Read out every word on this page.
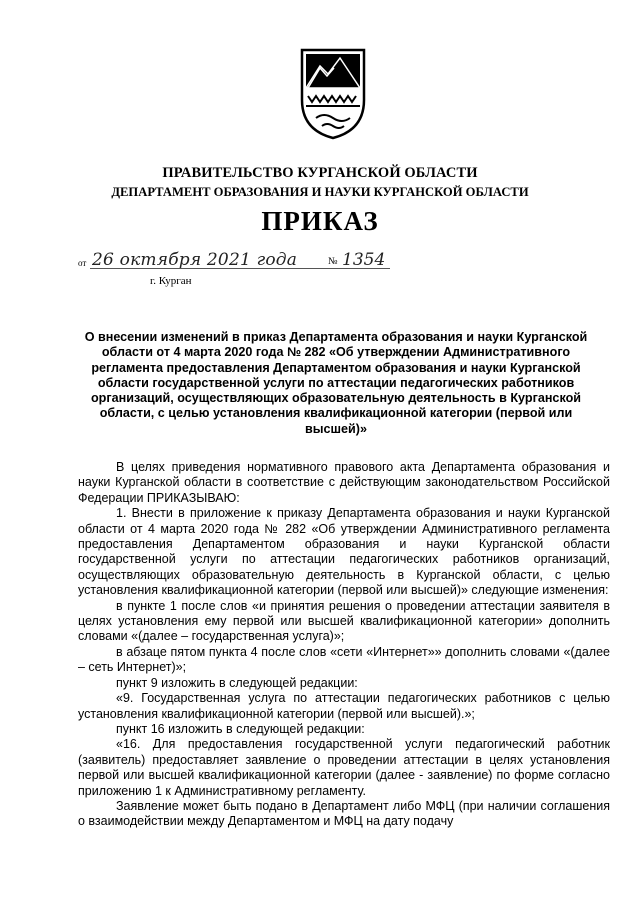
ПРАВИТЕЛЬСТВО КУРГАНСКОЙ ОБЛАСТИ
ДЕПАРТАМЕНТ ОБРАЗОВАНИЯ И НАУКИ КУРГАНСКОЙ ОБЛАСТИ
ПРИКАЗ
от 26 октября 2021 года	№ 1354
г. Курган
О внесении изменений в приказ Департамента образования и науки Курганской области от 4 марта 2020 года № 282 «Об утверждении Административного регламента предоставления Департаментом образования и науки Курганской области государственной услуги по аттестации педагогических работников организаций, осуществляющих образовательную деятельность в Курганской области, с целью установления квалификационной категории (первой или высшей)»

В целях приведения нормативного правового акта Департамента образования и науки Курганской области в соответствие с действующим законодательством Российской Федерации ПРИКАЗЫВАЮ:

1. Внести в приложение к приказу Департамента образования и науки Курганской области от 4 марта 2020 года № 282 «Об утверждении Административного регламента предоставления Департаментом образования и науки Курганской области государственной услуги по аттестации педагогических работников организаций, осуществляющих образовательную деятельность в Курганской области, с целью установления квалификационной категории (первой или высшей)» следующие изменения:

в пункте 1 после слов «и принятия решения о проведении аттестации заявителя в целях установления ему первой или высшей квалификационной категории» дополнить словами «(далее – государственная услуга)»;

в абзаце пятом пункта 4 после слов «сети «Интернет»» дополнить словами «(далее – сеть Интернет)»;

пункт 9 изложить в следующей редакции:

«9. Государственная услуга по аттестации педагогических работников с целью установления квалификационной категории (первой или высшей).»;

пункт 16 изложить в следующей редакции:

«16. Для предоставления государственной услуги педагогический работник (заявитель) предоставляет заявление о проведении аттестации в целях установления первой или высшей квалификационной категории (далее - заявление) по форме согласно приложению 1 к Административному регламенту.

Заявление может быть подано в Департамент либо МФЦ (при наличии соглашения о взаимодействии между Департаментом и МФЦ на дату подачу
